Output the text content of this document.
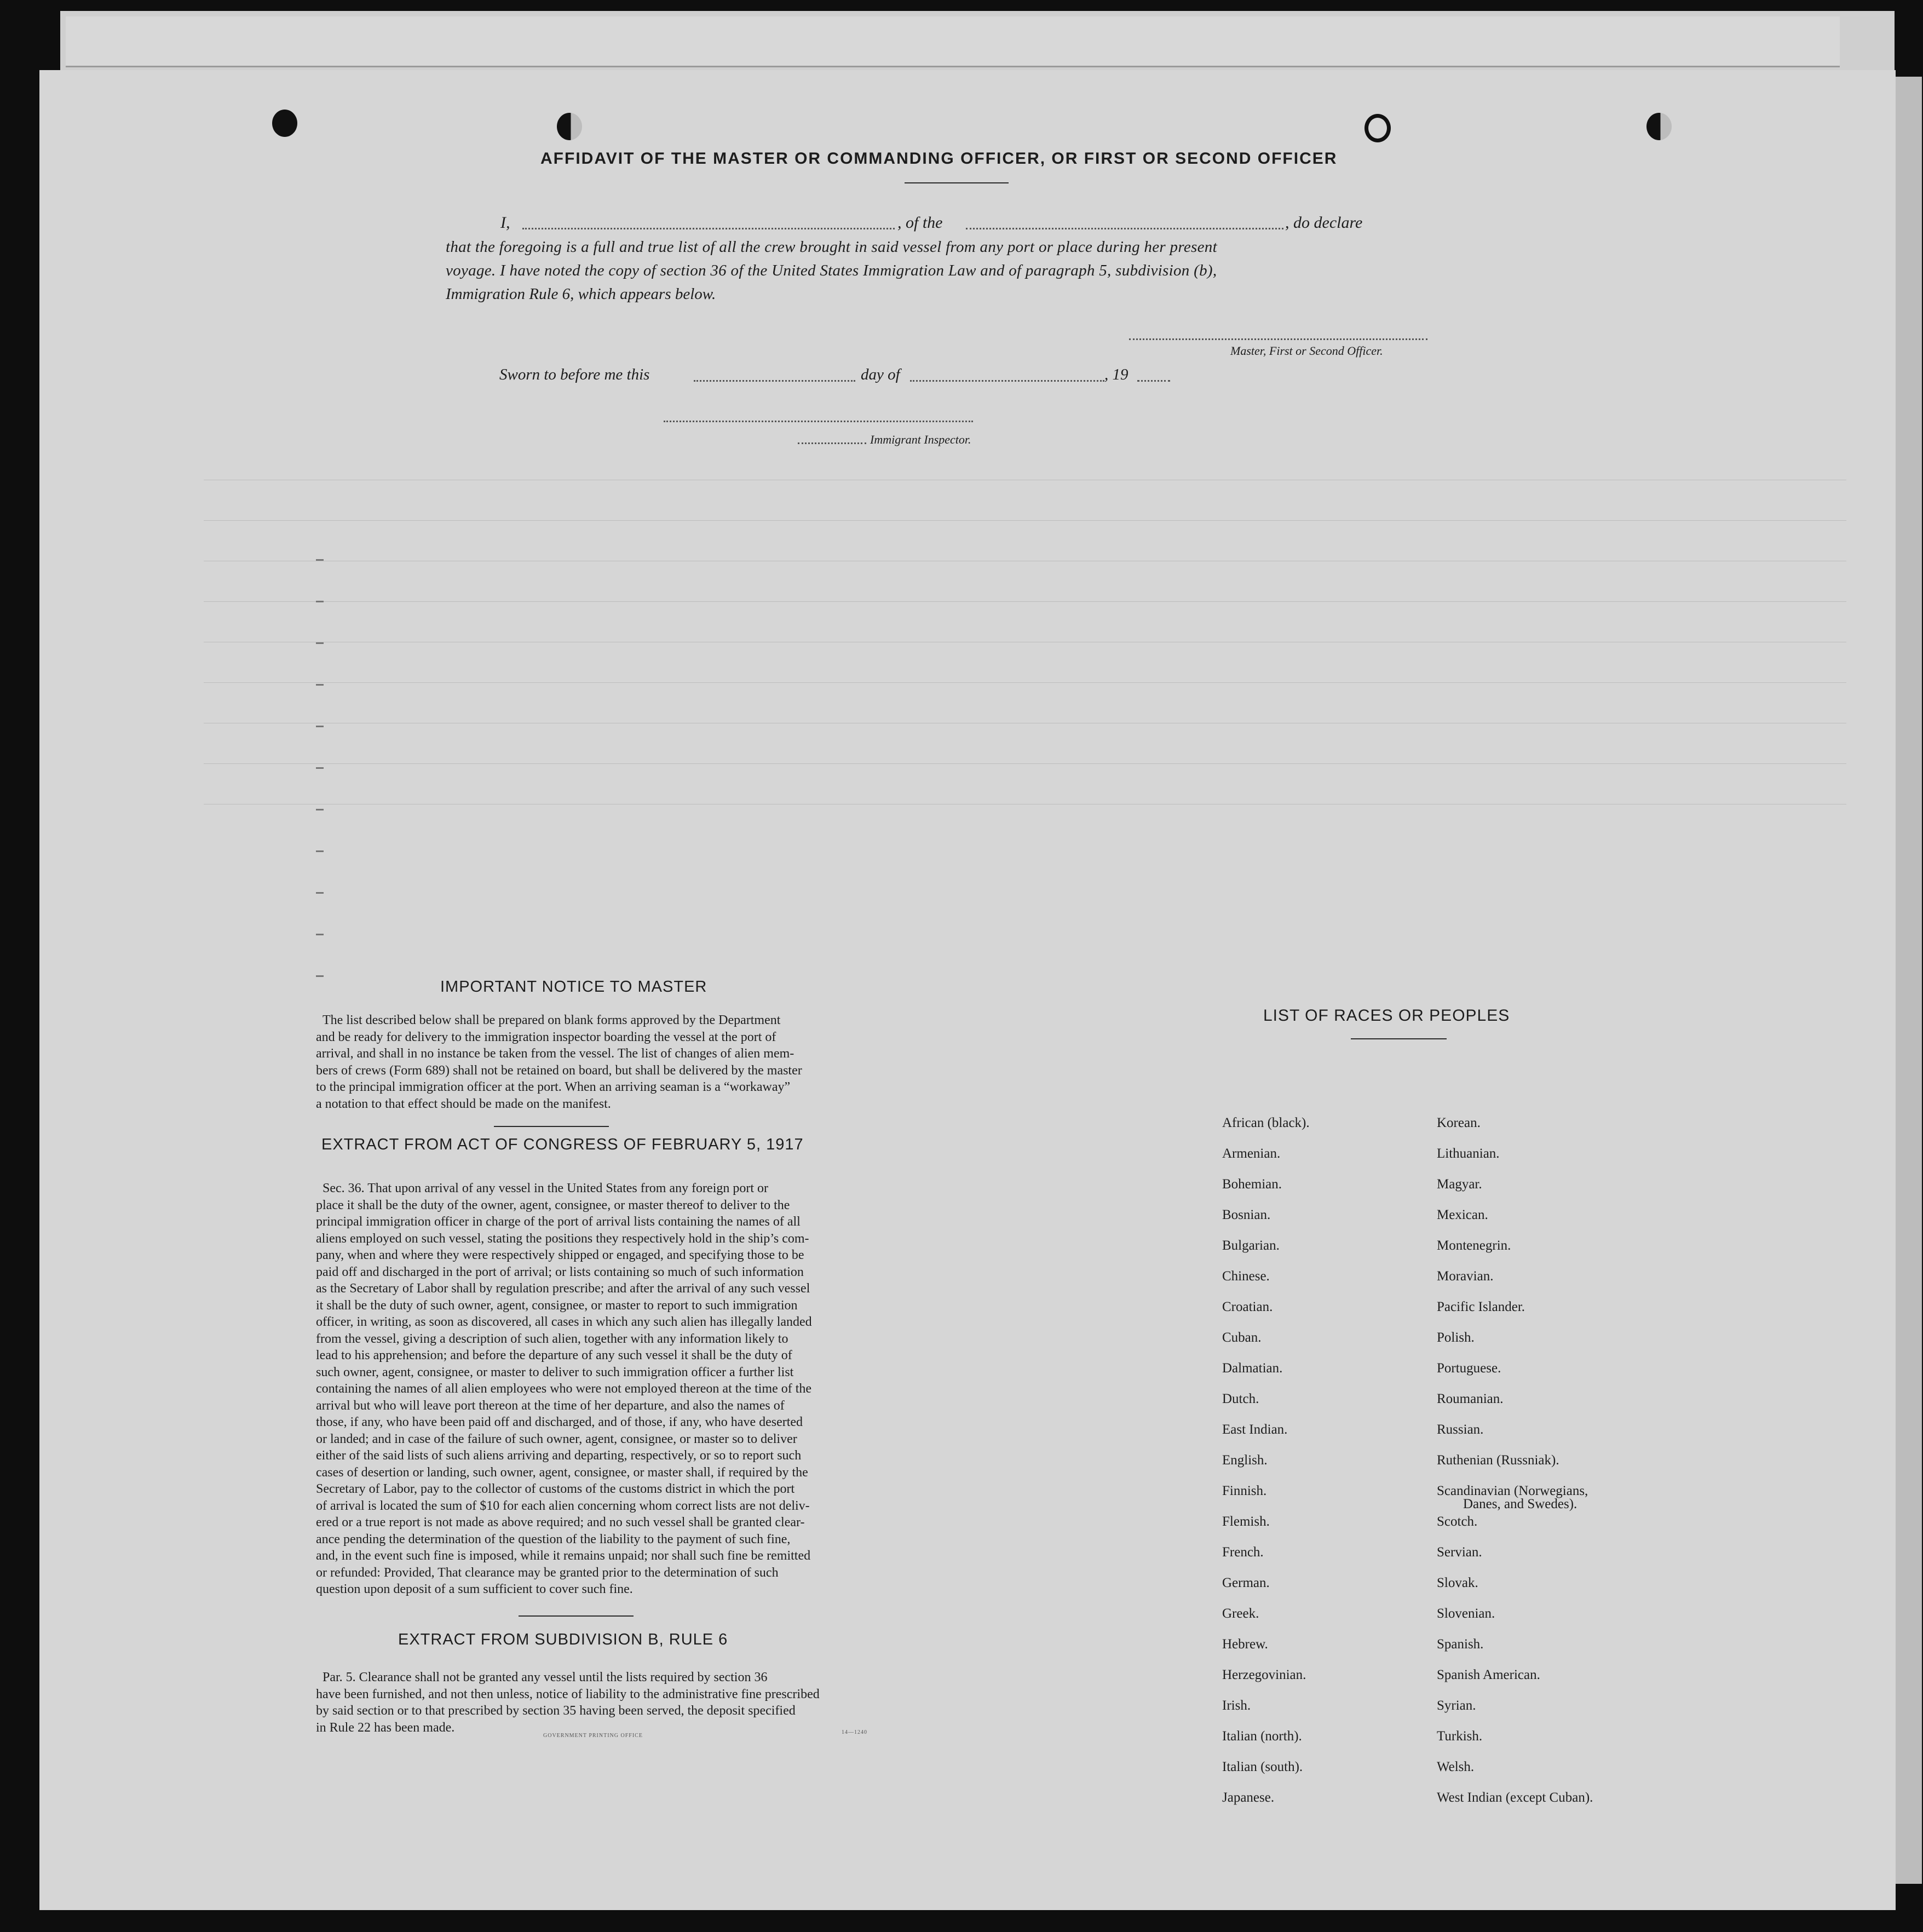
AFFIDAVIT OF THE MASTER OR COMMANDING OFFICER, OR FIRST OR SECOND OFFICER
I,	, of the	, do declare
that the foregoing is a full and true list of all the crew brought in said vessel from any port or place during her present
voyage. I have noted the copy of section 36 of the United States Immigration Law and of paragraph 5, subdivision (b),
Immigration Rule 6, which appears below.
Master, First or Second Officer.
Sworn to before me this	day of	, 19
Immigrant Inspector.
IMPORTANT NOTICE TO MASTER
The list described below shall be prepared on blank forms approved by the Department
and be ready for delivery to the immigration inspector boarding the vessel at the port of
arrival, and shall in no instance be taken from the vessel. The list of changes of alien mem-
bers of crews (Form 689) shall not be retained on board, but shall be delivered by the master
to the principal immigration officer at the port. When an arriving seaman is a “workaway”
a notation to that effect should be made on the manifest.
EXTRACT FROM ACT OF CONGRESS OF FEBRUARY 5, 1917
Sec. 36. That upon arrival of any vessel in the United States from any foreign port or
place it shall be the duty of the owner, agent, consignee, or master thereof to deliver to the
principal immigration officer in charge of the port of arrival lists containing the names of all
aliens employed on such vessel, stating the positions they respectively hold in the ship’s com-
pany, when and where they were respectively shipped or engaged, and specifying those to be
paid off and discharged in the port of arrival; or lists containing so much of such information
as the Secretary of Labor shall by regulation prescribe; and after the arrival of any such vessel
it shall be the duty of such owner, agent, consignee, or master to report to such immigration
officer, in writing, as soon as discovered, all cases in which any such alien has illegally landed
from the vessel, giving a description of such alien, together with any information likely to
lead to his apprehension; and before the departure of any such vessel it shall be the duty of
such owner, agent, consignee, or master to deliver to such immigration officer a further list
containing the names of all alien employees who were not employed thereon at the time of the
arrival but who will leave port thereon at the time of her departure, and also the names of
those, if any, who have been paid off and discharged, and of those, if any, who have deserted
or landed; and in case of the failure of such owner, agent, consignee, or master so to deliver
either of the said lists of such aliens arriving and departing, respectively, or so to report such
cases of desertion or landing, such owner, agent, consignee, or master shall, if required by the
Secretary of Labor, pay to the collector of customs of the customs district in which the port
of arrival is located the sum of $10 for each alien concerning whom correct lists are not deliv-
ered or a true report is not made as above required; and no such vessel shall be granted clear-
ance pending the determination of the question of the liability to the payment of such fine,
and, in the event such fine is imposed, while it remains unpaid; nor shall such fine be remitted
or refunded: Provided, That clearance may be granted prior to the determination of such
question upon deposit of a sum sufficient to cover such fine.
EXTRACT FROM SUBDIVISION B, RULE 6
Par. 5. Clearance shall not be granted any vessel until the lists required by section 36
have been furnished, and not then unless, notice of liability to the administrative fine prescribed
by said section or to that prescribed by section 35 having been served, the deposit specified
in Rule 22 has been made.
GOVERNMENT PRINTING OFFICE
14—1240
LIST OF RACES OR PEOPLES
African (black).
Armenian.
Bohemian.
Bosnian.
Bulgarian.
Chinese.
Croatian.
Cuban.
Dalmatian.
Dutch.
East Indian.
English.
Finnish.
Flemish.
French.
German.
Greek.
Hebrew.
Herzegovinian.
Irish.
Italian (north).
Italian (south).
Japanese.
Korean.
Lithuanian.
Magyar.
Mexican.
Montenegrin.
Moravian.
Pacific Islander.
Polish.
Portuguese.
Roumanian.
Russian.
Ruthenian (Russniak).
Scandinavian (Norwegians,
Scotch.
Servian.
Slovak.
Slovenian.
Spanish.
Spanish American.
Syrian.
Turkish.
Welsh.
West Indian (except Cuban).
Danes, and Swedes).
